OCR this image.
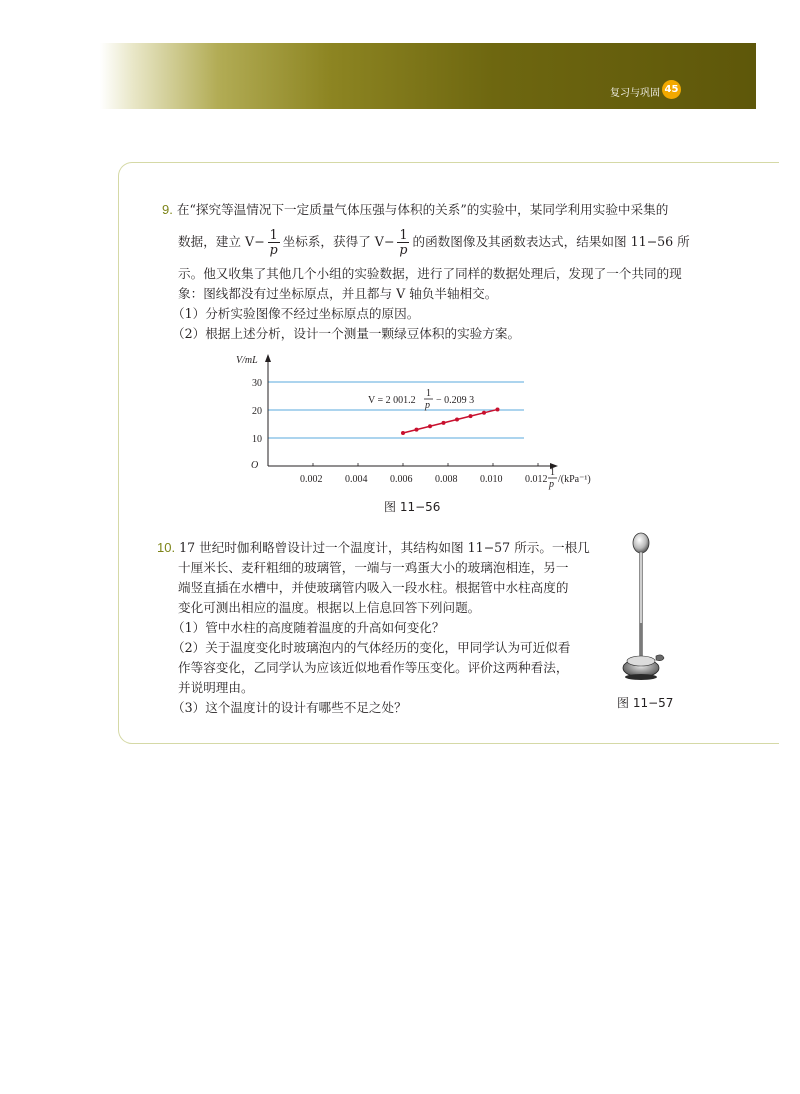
复习与巩固 45
9. 在“探究等温情况下一定质量气体压强与体积的关系”的实验中，某同学利用实验中采集的
数据，建立 $V- \frac{1}{p}$ 坐标系，获得了 $V- \frac{1}{p}$ 的函数图像及其函数表达式，结果如图 11−56 所
示。他又收集了其他几个小组的实验数据，进行了同样的数据处理后，发现了一个共同的现
象：图线都没有过坐标原点，并且都与 V 轴负半轴相交。
（1）分析实验图像不经过坐标原点的原因。
（2）根据上述分析，设计一个测量一颗绿豆体积的实验方案。
0.002 0.004 0.006 0.008 0.010 0.012
10
20
30
V/mL
O
1
p /(kPa⁻¹)
V = 2 001.2
1
p − 0.209 3
图 11−56
10. 17 世纪时伽利略曾设计过一个温度计，其结构如图 11−57 所示。一根几
十厘米长、麦秆粗细的玻璃管，一端与一鸡蛋大小的玻璃泡相连，另一
端竖直插在水槽中，并使玻璃管内吸入一段水柱。根据管中水柱高度的
变化可测出相应的温度。根据以上信息回答下列问题。
（1）管中水柱的高度随着温度的升高如何变化？
（2）关于温度变化时玻璃泡内的气体经历的变化，甲同学认为可近似看
作等容变化，乙同学认为应该近似地看作等压变化。评价这两种看法，
并说明理由。
（3）这个温度计的设计有哪些不足之处？	图 11−57
